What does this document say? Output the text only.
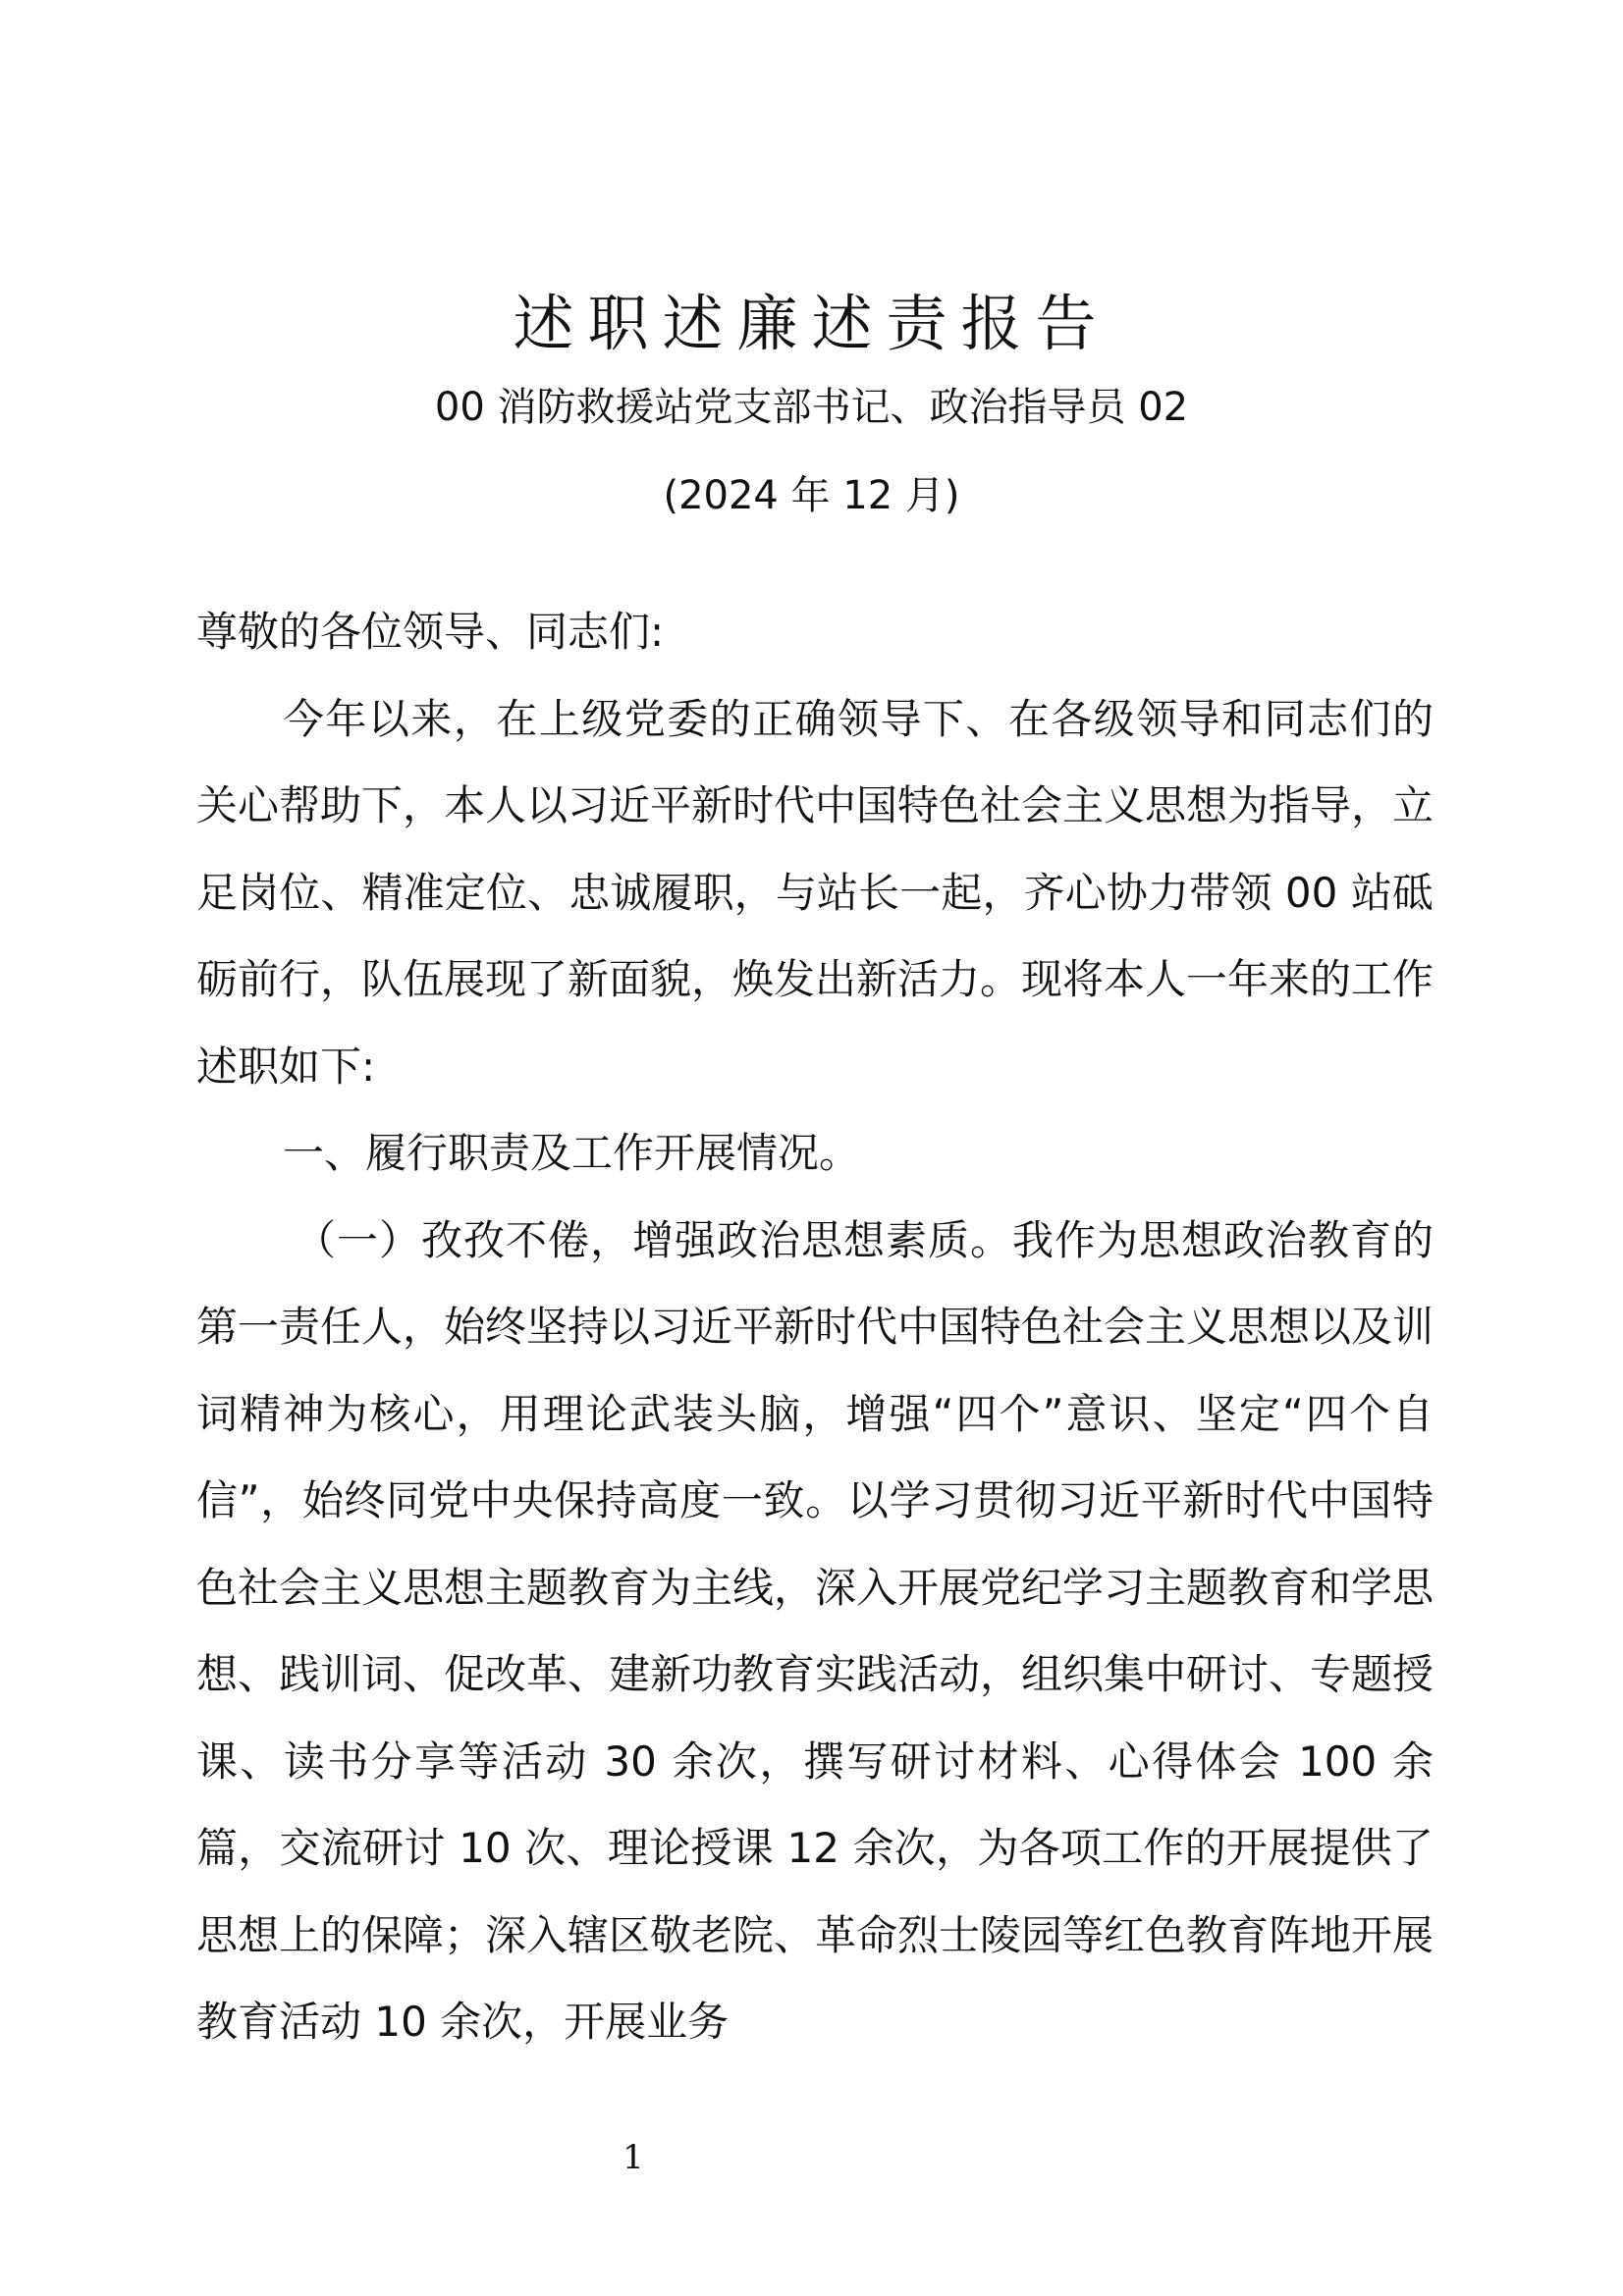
述职述廉述责报告
00 消防救援站党支部书记、政治指导员 02
(2024 年 12 月)

尊敬的各位领导、同志们:

今年以来，在上级党委的正确领导下、在各级领导和同志们的关心帮助下，本人以习近平新时代中国特色社会主义思想为指导，立足岗位、精准定位、忠诚履职，与站长一起，齐心协力带领 00 站砥砺前行，队伍展现了新面貌，焕发出新活力。现将本人一年来的工作述职如下:

一、履行职责及工作开展情况。

（一）孜孜不倦，增强政治思想素质。我作为思想政治教育的第一责任人，始终坚持以习近平新时代中国特色社会主义思想以及训词精神为核心，用理论武装头脑，增强“四个”意识、坚定“四个自信”，始终同党中央保持高度一致。以学习贯彻习近平新时代中国特色社会主义思想主题教育为主线，深入开展党纪学习主题教育和学思想、践训词、促改革、建新功教育实践活动，组织集中研讨、专题授课、读书分享等活动 30 余次，撰写研讨材料、心得体会 100 余篇，交流研讨 10 次、理论授课 12 余次，为各项工作的开展提供了思想上的保障；深入辖区敬老院、革命烈士陵园等红色教育阵地开展教育活动 10 余次，开展业务

1
